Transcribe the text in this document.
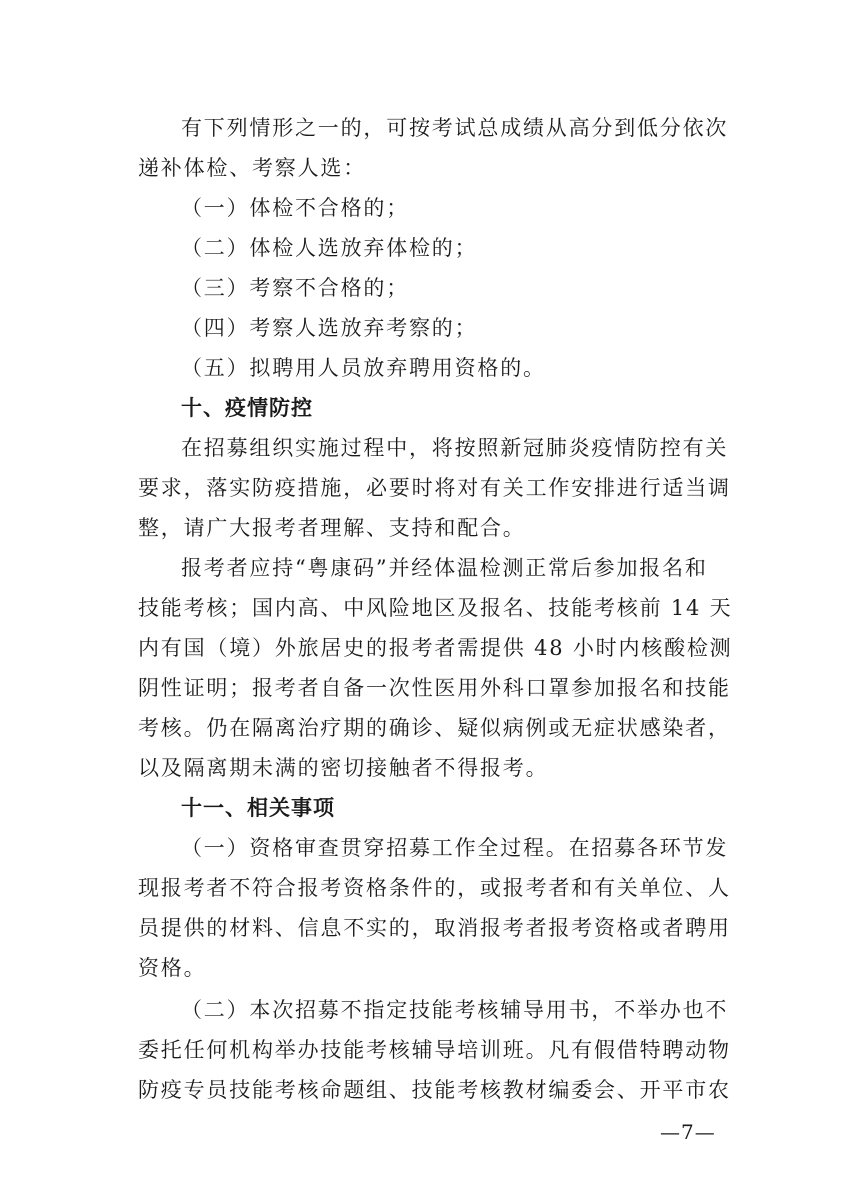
有下列情形之一的，可按考试总成绩从高分到低分依次
递补体检、考察人选：
（一）体检不合格的；
（二）体检人选放弃体检的；
（三）考察不合格的；
（四）考察人选放弃考察的；
（五）拟聘用人员放弃聘用资格的。
十、疫情防控
在招募组织实施过程中，将按照新冠肺炎疫情防控有关
要求，落实防疫措施，必要时将对有关工作安排进行适当调
整，请广大报考者理解、支持和配合。
报考者应持“粤康码”并经体温检测正常后参加报名和
技能考核；国内高、中风险地区及报名、技能考核前 14 天
内有国（境）外旅居史的报考者需提供 48 小时内核酸检测
阴性证明；报考者自备一次性医用外科口罩参加报名和技能
考核。仍在隔离治疗期的确诊、疑似病例或无症状感染者，
以及隔离期未满的密切接触者不得报考。
十一、相关事项
（一）资格审查贯穿招募工作全过程。在招募各环节发
现报考者不符合报考资格条件的，或报考者和有关单位、人
员提供的材料、信息不实的，取消报考者报考资格或者聘用
资格。
（二）本次招募不指定技能考核辅导用书，不举办也不
委托任何机构举办技能考核辅导培训班。凡有假借特聘动物
防疫专员技能考核命题组、技能考核教材编委会、开平市农
—7—
